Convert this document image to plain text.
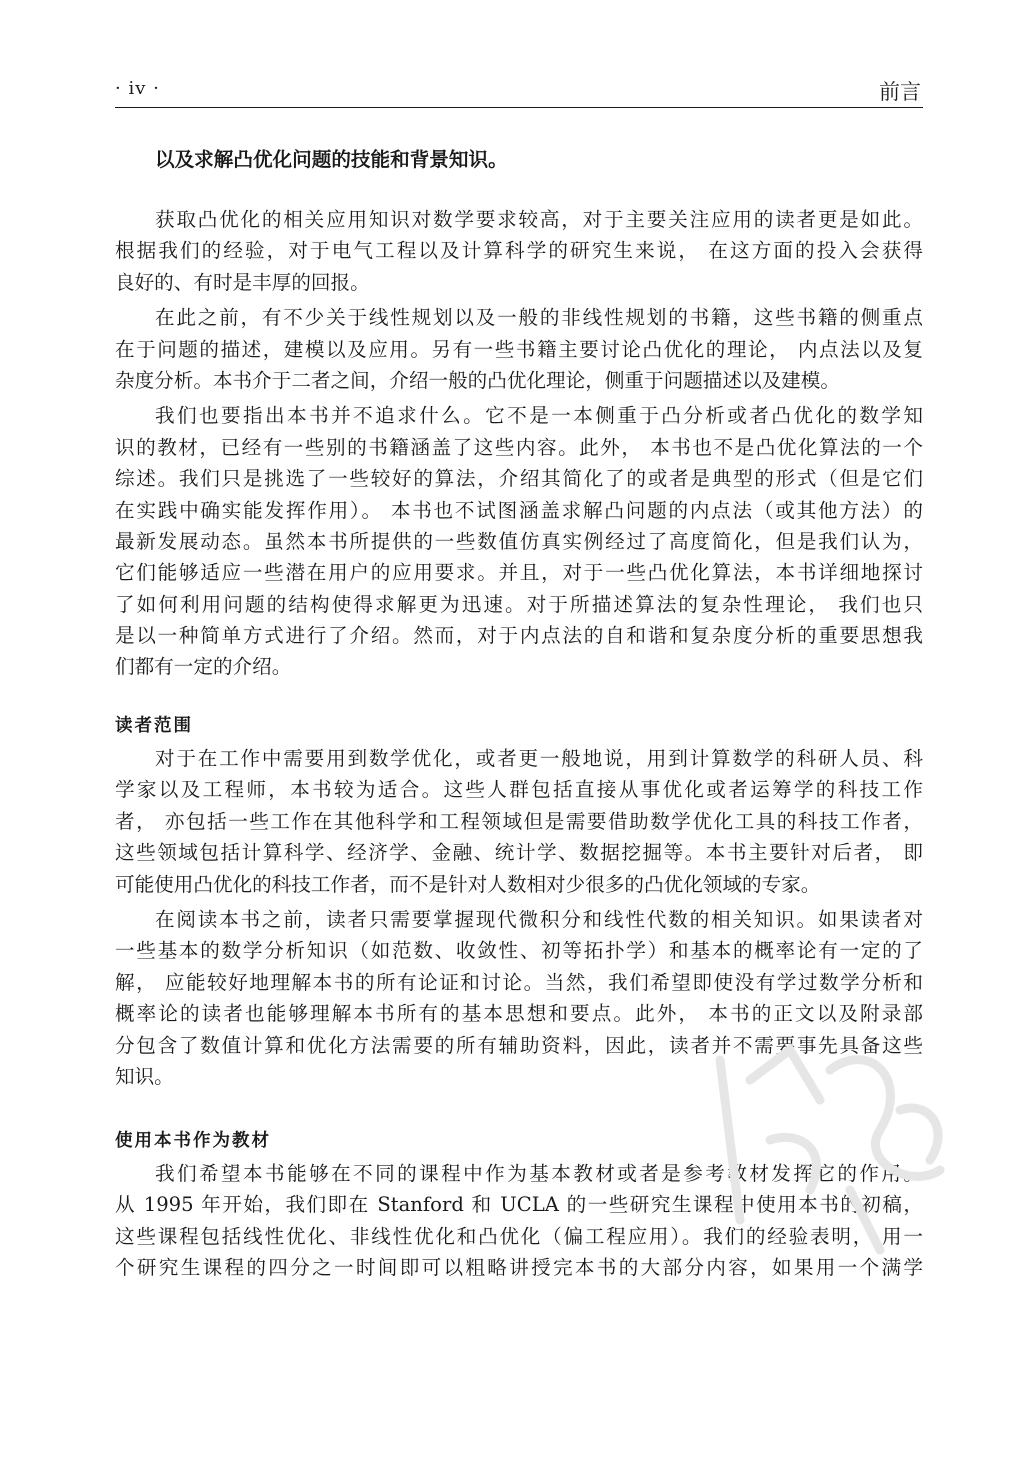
· iv ·	前言
以及求解凸优化问题的技能和背景知识。
获取凸优化的相关应用知识对数学要求较高，对于主要关注应用的读者更是如此。
根据我们的经验，对于电气工程以及计算科学的研究生来说， 在这方面的投入会获得
良好的、有时是丰厚的回报。
在此之前，有不少关于线性规划以及一般的非线性规划的书籍，这些书籍的侧重点
在于问题的描述，建模以及应用。另有一些书籍主要讨论凸优化的理论， 内点法以及复
杂度分析。本书介于二者之间，介绍一般的凸优化理论，侧重于问题描述以及建模。
我们也要指出本书并不追求什么。它不是一本侧重于凸分析或者凸优化的数学知
识的教材，已经有一些别的书籍涵盖了这些内容。此外， 本书也不是凸优化算法的一个
综述。我们只是挑选了一些较好的算法，介绍其简化了的或者是典型的形式（但是它们
在实践中确实能发挥作用）。 本书也不试图涵盖求解凸问题的内点法（或其他方法）的
最新发展动态。虽然本书所提供的一些数值仿真实例经过了高度简化，但是我们认为，
它们能够适应一些潜在用户的应用要求。并且，对于一些凸优化算法，本书详细地探讨
了如何利用问题的结构使得求解更为迅速。对于所描述算法的复杂性理论， 我们也只
是以一种简单方式进行了介绍。然而，对于内点法的自和谐和复杂度分析的重要思想我
们都有一定的介绍。
读者范围
对于在工作中需要用到数学优化，或者更一般地说，用到计算数学的科研人员、科
学家以及工程师，本书较为适合。这些人群包括直接从事优化或者运筹学的科技工作
者， 亦包括一些工作在其他科学和工程领域但是需要借助数学优化工具的科技工作者，
这些领域包括计算科学、经济学、金融、统计学、数据挖掘等。本书主要针对后者， 即
可能使用凸优化的科技工作者，而不是针对人数相对少很多的凸优化领域的专家。
在阅读本书之前，读者只需要掌握现代微积分和线性代数的相关知识。如果读者对
一些基本的数学分析知识（如范数、收敛性、初等拓扑学）和基本的概率论有一定的了
解， 应能较好地理解本书的所有论证和讨论。当然，我们希望即使没有学过数学分析和
概率论的读者也能够理解本书所有的基本思想和要点。此外， 本书的正文以及附录部
分包含了数值计算和优化方法需要的所有辅助资料，因此，读者并不需要事先具备这些
知识。
使用本书作为教材
我们希望本书能够在不同的课程中作为基本教材或者是参考教材发挥它的作用。
从 1995 年开始，我们即在 Stanford 和 UCLA 的一些研究生课程中使用本书的初稿，
这些课程包括线性优化、非线性优化和凸优化（偏工程应用）。我们的经验表明， 用一
个研究生课程的四分之一时间即可以粗略讲授完本书的大部分内容，如果用一个满学
